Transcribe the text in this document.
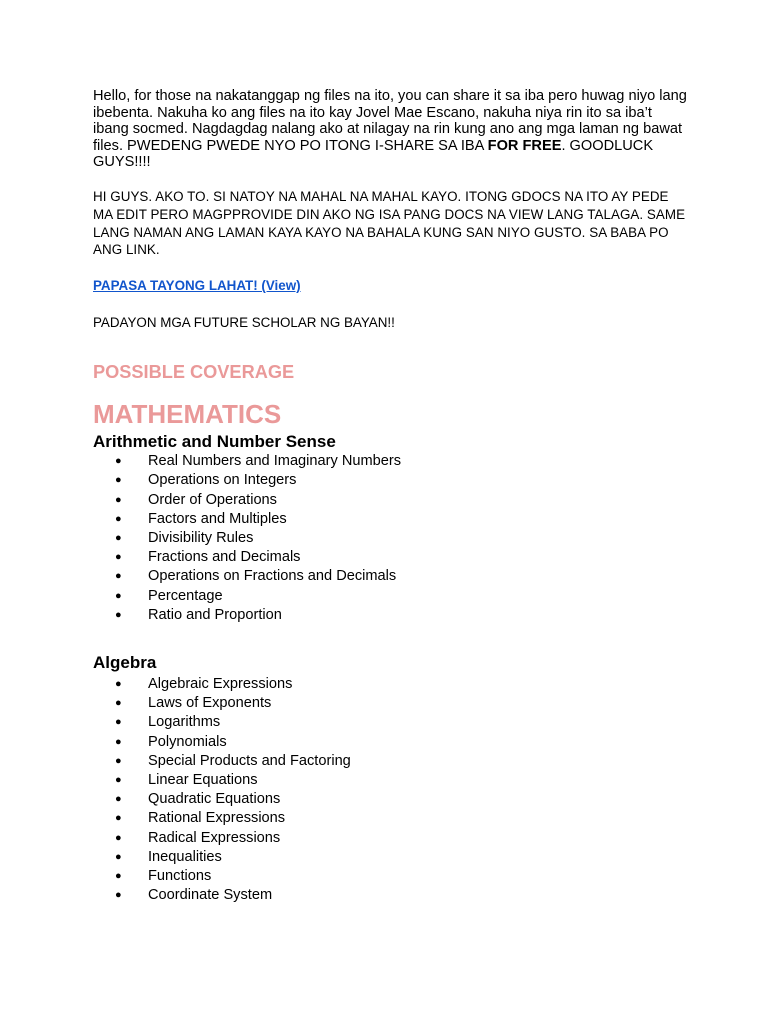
Hello, for those na nakatanggap ng files na ito, you can share it sa iba pero huwag niyo lang ibebenta. Nakuha ko ang files na ito kay Jovel Mae Escano, nakuha niya rin ito sa iba’t ibang socmed. Nagdagdag nalang ako at nilagay na rin kung ano ang mga laman ng bawat files. PWEDENG PWEDE NYO PO ITONG I-SHARE SA IBA FOR FREE. GOODLUCK GUYS!!!!

HI GUYS. AKO TO. SI NATOY NA MAHAL NA MAHAL KAYO. ITONG GDOCS NA ITO AY PEDE MA EDIT PERO MAGPPROVIDE DIN AKO NG ISA PANG DOCS NA VIEW LANG TALAGA. SAME LANG NAMAN ANG LAMAN KAYA KAYO NA BAHALA KUNG SAN NIYO GUSTO. SA BABA PO ANG LINK.

PAPASA TAYONG LAHAT! (View)

PADAYON MGA FUTURE SCHOLAR NG BAYAN!!

POSSIBLE COVERAGE
MATHEMATICS
Arithmetic and Number Sense
● Real Numbers and Imaginary Numbers
● Operations on Integers
● Order of Operations
● Factors and Multiples
● Divisibility Rules
● Fractions and Decimals
● Operations on Fractions and Decimals
● Percentage
● Ratio and Proportion
Algebra
● Algebraic Expressions
● Laws of Exponents
● Logarithms
● Polynomials
● Special Products and Factoring
● Linear Equations
● Quadratic Equations
● Rational Expressions
● Radical Expressions
● Inequalities
● Functions
● Coordinate System
